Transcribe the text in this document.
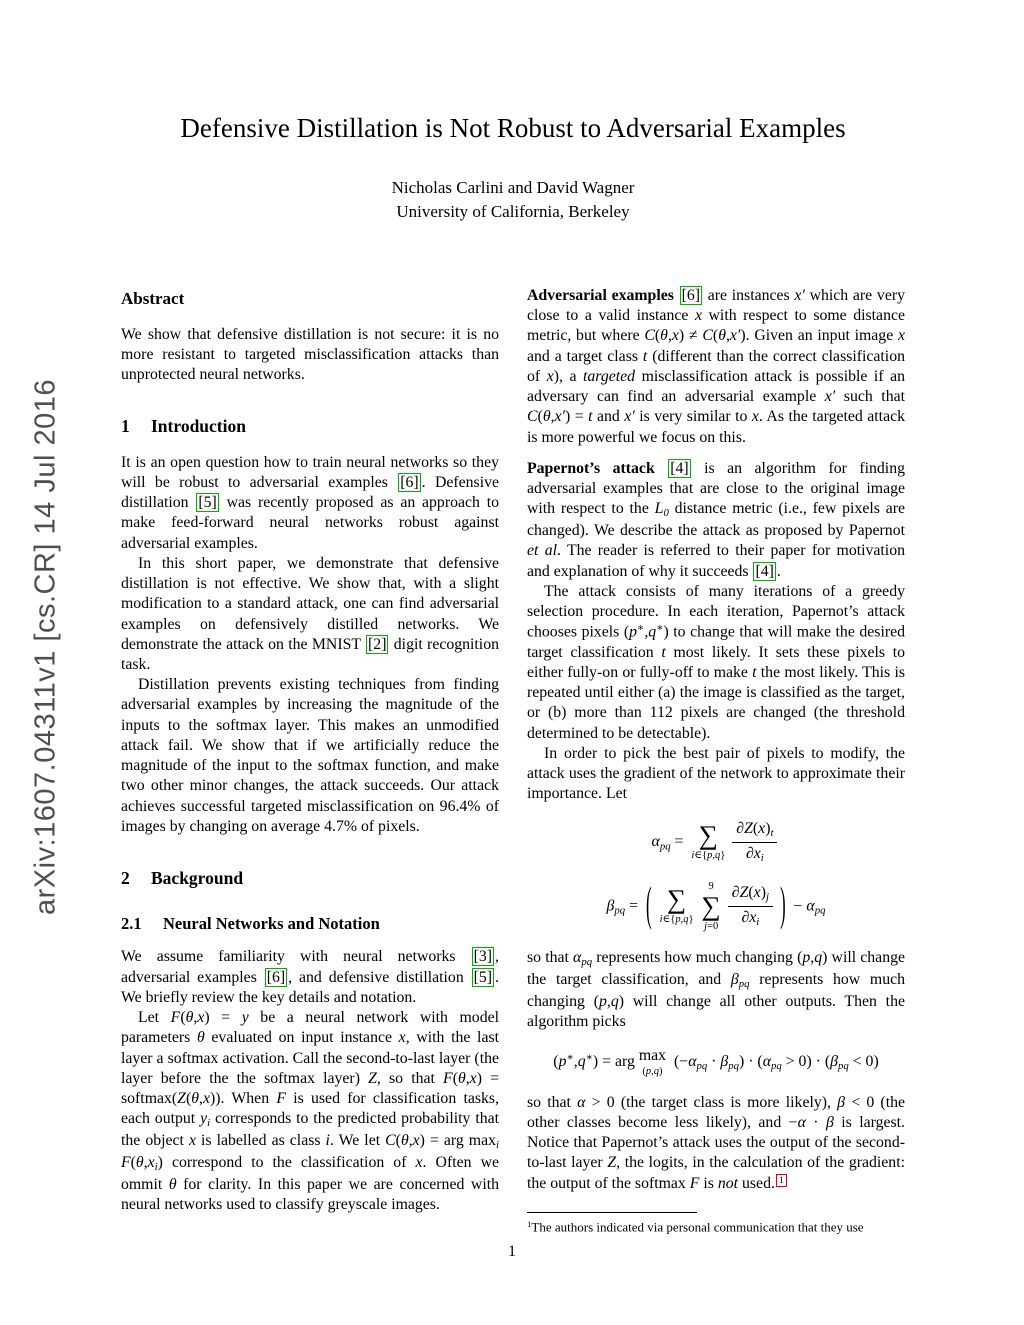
arXiv:1607.04311v1 [cs.CR] 14 Jul 2016
Defensive Distillation is Not Robust to Adversarial Examples
Nicholas Carlini and David Wagner
University of California, Berkeley
Abstract

We show that defensive distillation is not secure: it is no more resistant to targeted misclassification attacks than unprotected neural networks.

1 Introduction

It is an open question how to train neural networks so they will be robust to adversarial examples [6] . Defensive distillation [5] was recently proposed as an approach to make feed-forward neural networks robust against adversarial examples.

In this short paper, we demonstrate that defensive distillation is not effective. We show that, with a slight modification to a standard attack, one can find adversarial examples on defensively distilled networks. We demonstrate the attack on the MNIST [2] digit recognition task.

Distillation prevents existing techniques from finding adversarial examples by increasing the magnitude of the inputs to the softmax layer. This makes an unmodified attack fail. We show that if we artificially reduce the magnitude of the input to the softmax function, and make two other minor changes, the attack succeeds. Our attack achieves successful targeted misclassification on 96.4% of images by changing on average 4.7% of pixels.

2 Background
2.1 Neural Networks and Notation

We assume familiarity with neural networks [3] , adversarial examples [6] , and defensive distillation [5] . We briefly review the key details and notation.

Let F(θ,x) = y be a neural network with model parameters θ evaluated on input instance x, with the last layer a softmax activation. Call the second-to-last layer (the layer before the the softmax layer) Z, so that F(θ,x) = softmax(Z(θ,x)). When F is used for classification tasks, each output $y_i$ corresponds to the predicted probability that the object x is labelled as class i. We let C(θ,x) = arg $\max_i F(\theta,x_i)$ correspond to the classification of x. Often we ommit θ for clarity. In this paper we are concerned with neural networks used to classify greyscale images.

Adversarial examples [6] are instances x′ which are very close to a valid instance x with respect to some distance metric, but where C(θ,x) ≠ C(θ,x′). Given an input image x and a target class t (different than the correct classification of x), a targeted misclassification attack is possible if an adversary can find an adversarial example x′ such that C(θ,x′) = t and x′ is very similar to x. As the targeted attack is more powerful we focus on this.

Papernot’s attack [4] is an algorithm for finding adversarial examples that are close to the original image with respect to the $L_0$ distance metric (i.e., few pixels are changed). We describe the attack as proposed by Papernot et al. The reader is referred to their paper for motivation and explanation of why it succeeds [4] .

The attack consists of many iterations of a greedy selection procedure. In each iteration, Papernot’s attack chooses pixels (p∗,q∗) to change that will make the desired target classification t most likely. It sets these pixels to either fully-on or fully-off to make t the most likely. This is repeated until either (a) the image is classified as the target, or (b) more than 112 pixels are changed (the threshold determined to be detectable).

In order to pick the best pair of pixels to modify, the attack uses the gradient of the network to approximate their importance. Let

$\alpha_{pq}$ = ∑
i∈{p,q} $\frac{\partial Z(x)_t}{\partial x_i}$
$\beta_{pq}$ = ( ∑
i∈{p,q}
9
∑
$j=0 \frac{\partial Z(x)_j}{\partial x_i}$ ) − $\alpha_{pq}$

so that $\alpha_{pq}$ represents how much changing (p,q) will change the target classification, and $\beta_{pq}$ represents how much changing (p,q) will change all other outputs. Then the algorithm picks

(p∗,q∗) = arg max
(p,q)
$(-\alpha_{pq} \cdot \beta_{pq}) \cdot (\alpha_{pq} > 0) \cdot (\beta_{pq} < 0)$

so that α > 0 (the target class is more likely), β < 0 (the other classes become less likely), and −α · β is largest. Notice that Papernot’s attack uses the output of the second-to-last layer Z, the logits, in the calculation of the gradient: the output of the softmax F is not used. $^1$

$^1$The authors indicated via personal communication that they use

1
